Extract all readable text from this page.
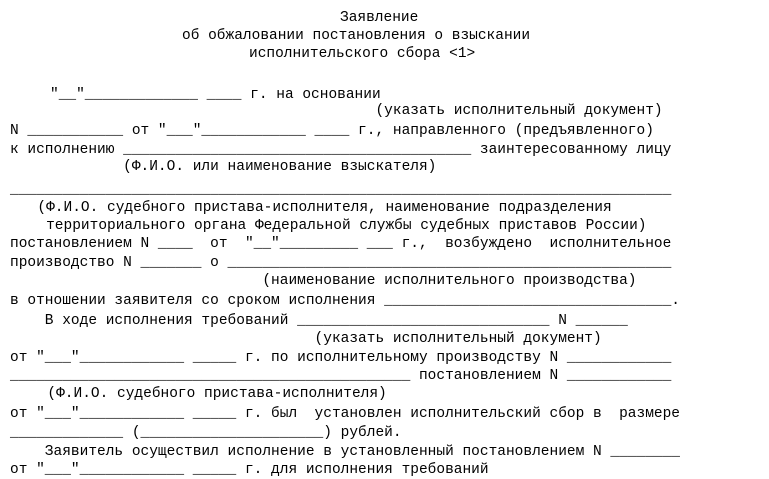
Заявление
об обжаловании постановления о взыскании
исполнительского сбора <1>
"__"_____________ ____ г. на основании
(указать исполнительный документ)
N ___________ от "___"____________ ____ г., направленного (предъявленного)
к исполнению ________________________________________ заинтересованному лицу
(Ф.И.О. или наименование взыскателя)
____________________________________________________________________________
(Ф.И.О. судебного пристава-исполнителя, наименование подразделения
территориального органа Федеральной службы судебных приставов России)
постановлением N ____  от  "__"_________ ___ г.,  возбуждено  исполнительное
производство N _______ о ___________________________________________________
(наименование исполнительного производства)
в отношении заявителя со сроком исполнения _________________________________.
В ходе исполнения требований _____________________________ N ______
(указать исполнительный документ)
от "___"____________ _____ г. по исполнительному производству N ____________
______________________________________________ постановлением N ____________
(Ф.И.О. судебного пристава-исполнителя)
от "___"____________ _____ г. был  установлен исполнительский сбор в  размере
_____________ (_____________________) рублей.
Заявитель осуществил исполнение в установленный постановлением N ________
от "___"____________ _____ г. для исполнения требований
